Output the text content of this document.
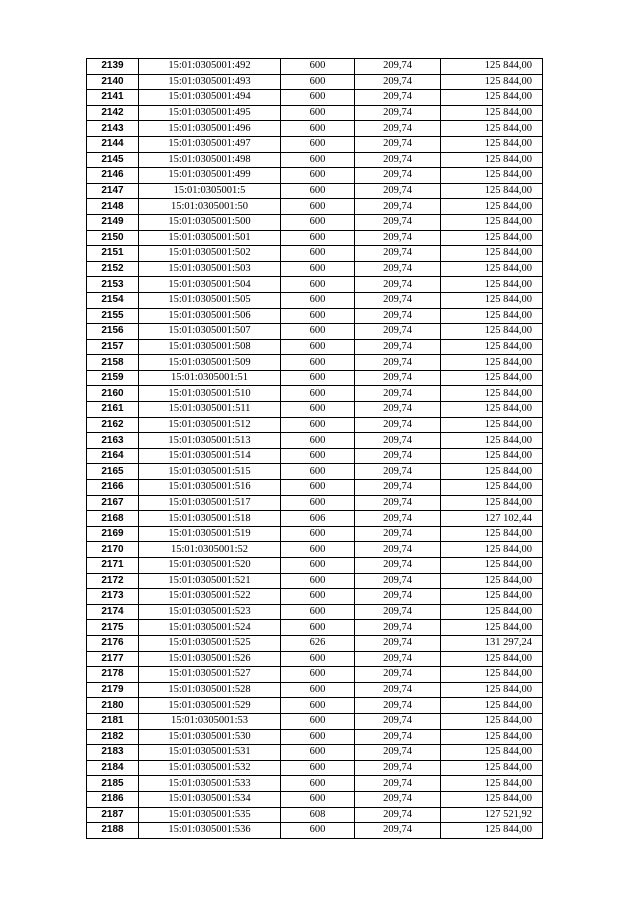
2139	15:01:0305001:492	600	209,74	125 844,00
2140	15:01:0305001:493	600	209,74	125 844,00
2141	15:01:0305001:494	600	209,74	125 844,00
2142	15:01:0305001:495	600	209,74	125 844,00
2143	15:01:0305001:496	600	209,74	125 844,00
2144	15:01:0305001:497	600	209,74	125 844,00
2145	15:01:0305001:498	600	209,74	125 844,00
2146	15:01:0305001:499	600	209,74	125 844,00
2147	15:01:0305001:5	600	209,74	125 844,00
2148	15:01:0305001:50	600	209,74	125 844,00
2149	15:01:0305001:500	600	209,74	125 844,00
2150	15:01:0305001:501	600	209,74	125 844,00
2151	15:01:0305001:502	600	209,74	125 844,00
2152	15:01:0305001:503	600	209,74	125 844,00
2153	15:01:0305001:504	600	209,74	125 844,00
2154	15:01:0305001:505	600	209,74	125 844,00
2155	15:01:0305001:506	600	209,74	125 844,00
2156	15:01:0305001:507	600	209,74	125 844,00
2157	15:01:0305001:508	600	209,74	125 844,00
2158	15:01:0305001:509	600	209,74	125 844,00
2159	15:01:0305001:51	600	209,74	125 844,00
2160	15:01:0305001:510	600	209,74	125 844,00
2161	15:01:0305001:511	600	209,74	125 844,00
2162	15:01:0305001:512	600	209,74	125 844,00
2163	15:01:0305001:513	600	209,74	125 844,00
2164	15:01:0305001:514	600	209,74	125 844,00
2165	15:01:0305001:515	600	209,74	125 844,00
2166	15:01:0305001:516	600	209,74	125 844,00
2167	15:01:0305001:517	600	209,74	125 844,00
2168	15:01:0305001:518	606	209,74	127 102,44
2169	15:01:0305001:519	600	209,74	125 844,00
2170	15:01:0305001:52	600	209,74	125 844,00
2171	15:01:0305001:520	600	209,74	125 844,00
2172	15:01:0305001:521	600	209,74	125 844,00
2173	15:01:0305001:522	600	209,74	125 844,00
2174	15:01:0305001:523	600	209,74	125 844,00
2175	15:01:0305001:524	600	209,74	125 844,00
2176	15:01:0305001:525	626	209,74	131 297,24
2177	15:01:0305001:526	600	209,74	125 844,00
2178	15:01:0305001:527	600	209,74	125 844,00
2179	15:01:0305001:528	600	209,74	125 844,00
2180	15:01:0305001:529	600	209,74	125 844,00
2181	15:01:0305001:53	600	209,74	125 844,00
2182	15:01:0305001:530	600	209,74	125 844,00
2183	15:01:0305001:531	600	209,74	125 844,00
2184	15:01:0305001:532	600	209,74	125 844,00
2185	15:01:0305001:533	600	209,74	125 844,00
2186	15:01:0305001:534	600	209,74	125 844,00
2187	15:01:0305001:535	608	209,74	127 521,92
2188	15:01:0305001:536	600	209,74	125 844,00
